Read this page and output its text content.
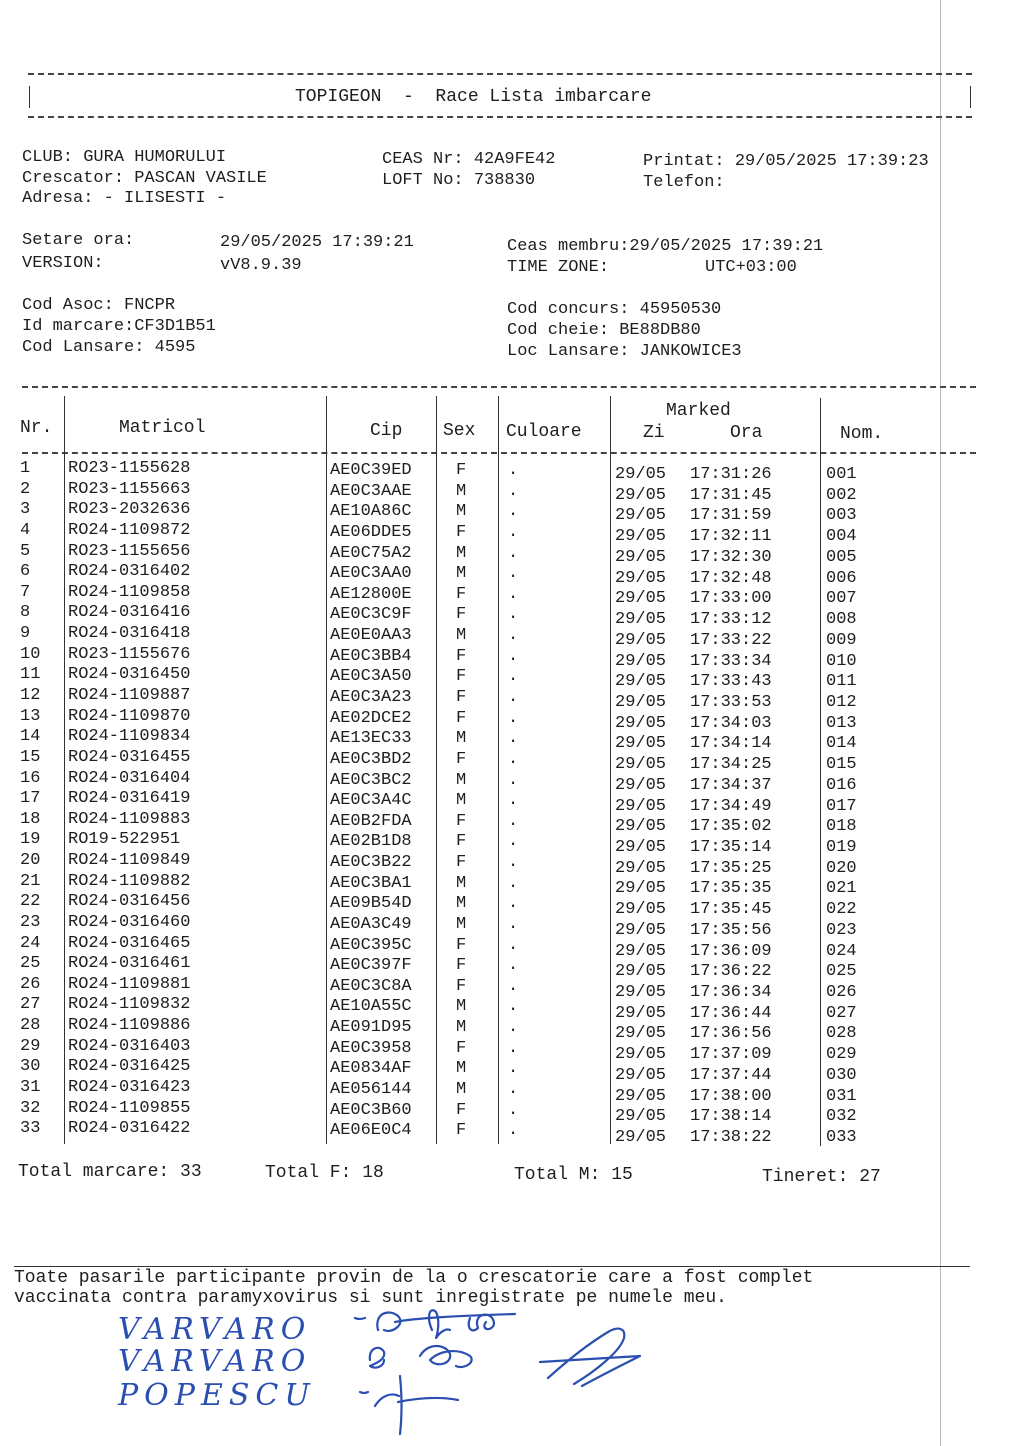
TOPIGEON  -  Race Lista imbarcare
CLUB: GURA HUMORULUI
Crescator: PASCAN VASILE
Adresa: - ILISESTI -
CEAS Nr: 42A9FE42
LOFT No: 738830
Printat: 29/05/2025 17:39:23
Telefon:
Setare ora:	29/05/2025 17:39:21
VERSION:	vV8.9.39
Ceas membru:29/05/2025 17:39:21
TIME ZONE:	UTC+03:00
Cod Asoc: FNCPR
Id marcare:CF3D1B51
Cod Lansare: 4595
Cod concurs: 45950530
Cod cheie: BE88DB80
Loc Lansare: JANKOWICE3
Nr.	Matricol	Cip Sex Culoare
Marked
Zi	Ora	Nom.
1 RO23-1155628	AE0C39ED	F .	29/05 17:31:26	001
2 RO23-1155663	AE0C3AAE	M .	29/05 17:31:45	002
3 RO23-2032636	AE10A86C	M .	29/05 17:31:59	003
4 RO24-1109872	AE06DDE5	F .	29/05 17:32:11	004
5 RO23-1155656	AE0C75A2	M .	29/05 17:32:30	005
6 RO24-0316402	AE0C3AA0	M .	29/05 17:32:48	006
7 RO24-1109858	AE12800E	F .	29/05 17:33:00	007
8 RO24-0316416	AE0C3C9F	F .	29/05 17:33:12	008
9 RO24-0316418	AE0E0AA3	M .	29/05 17:33:22	009
10 RO23-1155676	AE0C3BB4	F .	29/05 17:33:34	010
11 RO24-0316450	AE0C3A50	F .	29/05 17:33:43	011
12 RO24-1109887	AE0C3A23	F .	29/05 17:33:53	012
13 RO24-1109870	AE02DCE2	F .	29/05 17:34:03	013
14 RO24-1109834	AE13EC33	M .	29/05 17:34:14	014
15 RO24-0316455	AE0C3BD2	F .	29/05 17:34:25	015
16 RO24-0316404	AE0C3BC2	M .	29/05 17:34:37	016
17 RO24-0316419	AE0C3A4C	M .	29/05 17:34:49	017
18 RO24-1109883	AE0B2FDA	F .	29/05 17:35:02	018
19 RO19-522951	AE02B1D8	F .	29/05 17:35:14	019
20 RO24-1109849	AE0C3B22	F .	29/05 17:35:25	020
21 RO24-1109882	AE0C3BA1	M .	29/05 17:35:35	021
22 RO24-0316456	AE09B54D	M .	29/05 17:35:45	022
23 RO24-0316460	AE0A3C49	M .	29/05 17:35:56	023
24 RO24-0316465	AE0C395C	F .	29/05 17:36:09	024
25 RO24-0316461	AE0C397F	F .	29/05 17:36:22	025
26 RO24-1109881	AE0C3C8A	F .	29/05 17:36:34	026
27 RO24-1109832	AE10A55C	M .	29/05 17:36:44	027
28 RO24-1109886	AE091D95	M .	29/05 17:36:56	028
29 RO24-0316403	AE0C3958	F .	29/05 17:37:09	029
30 RO24-0316425	AE0834AF	M .	29/05 17:37:44	030
31 RO24-0316423	AE056144	M .	29/05 17:38:00	031
32 RO24-1109855	AE0C3B60	F .	29/05 17:38:14	032
33 RO24-0316422	AE06E0C4	F .	29/05 17:38:22	033
Total marcare: 33	Total F: 18	Total M: 15	Tineret: 27
Toate pasarile participante provin de la o crescatorie care a fost complet
vaccinata contra paramyxovirus si sunt inregistrate pe numele meu.
VARVARO
VARVARO
POPESCU
